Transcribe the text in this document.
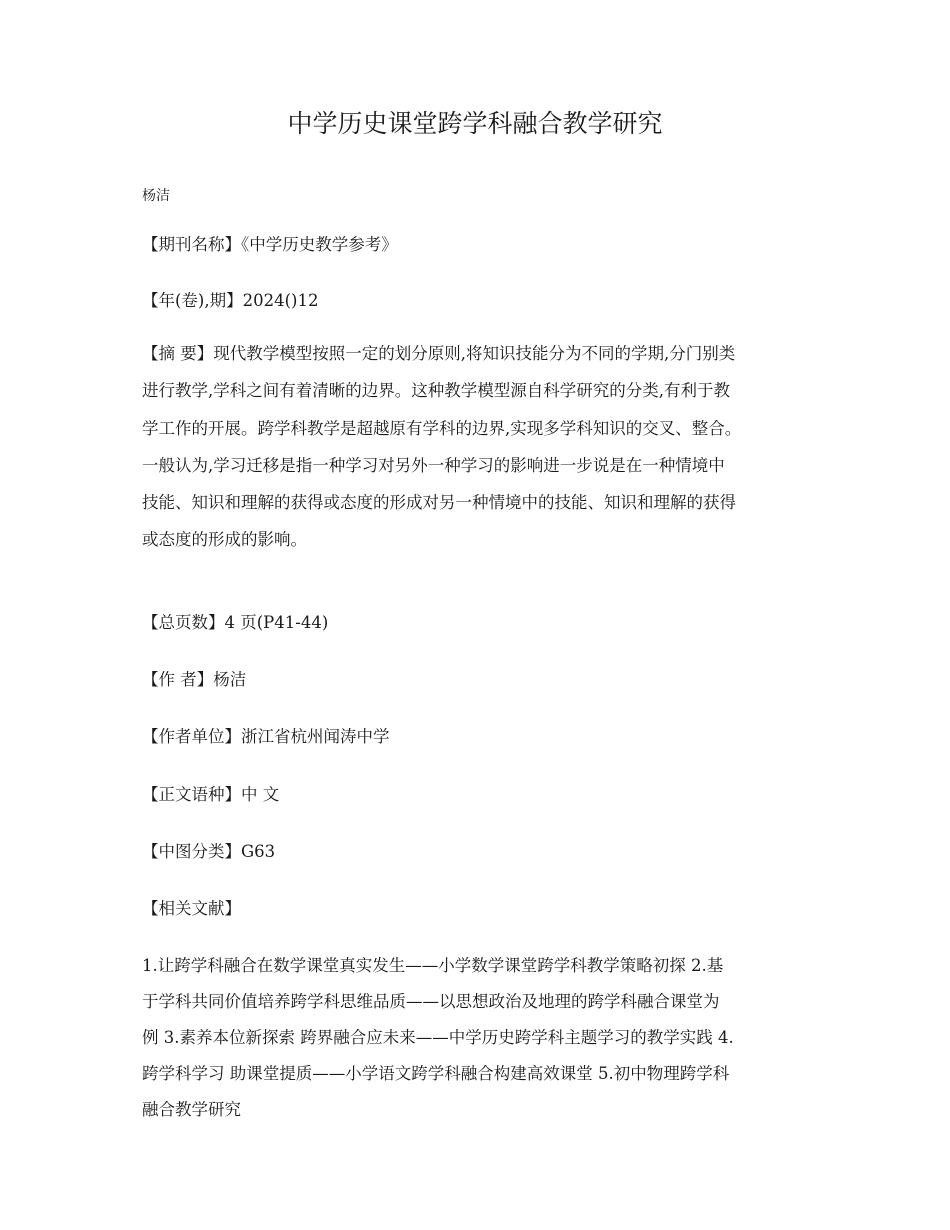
中学历史课堂跨学科融合教学研究

杨洁

【期刊名称】《中学历史教学参考》

【年(卷),期】2024()12

【摘 要】现代教学模型按照一定的划分原则,将知识技能分为不同的学期,分门别类
进行教学,学科之间有着清晰的边界。这种教学模型源自科学研究的分类,有利于教
学工作的开展。跨学科教学是超越原有学科的边界,实现多学科知识的交叉、整合。
一般认为,学习迁移是指一种学习对另外一种学习的影响进一步说是在一种情境中
技能、知识和理解的获得或态度的形成对另一种情境中的技能、知识和理解的获得
或态度的形成的影响。

【总页数】4 页(P41-44)

【作 者】杨洁

【作者单位】浙江省杭州闻涛中学

【正文语种】中 文

【中图分类】G63

【相关文献】

1.让跨学科融合在数学课堂真实发生——小学数学课堂跨学科教学策略初探 2.基
于学科共同价值培养跨学科思维品质——以思想政治及地理的跨学科融合课堂为
例 3.素养本位新探索 跨界融合应未来——中学历史跨学科主题学习的教学实践 4.
跨学科学习 助课堂提质——小学语文跨学科融合构建高效课堂 5.初中物理跨学科
融合教学研究
